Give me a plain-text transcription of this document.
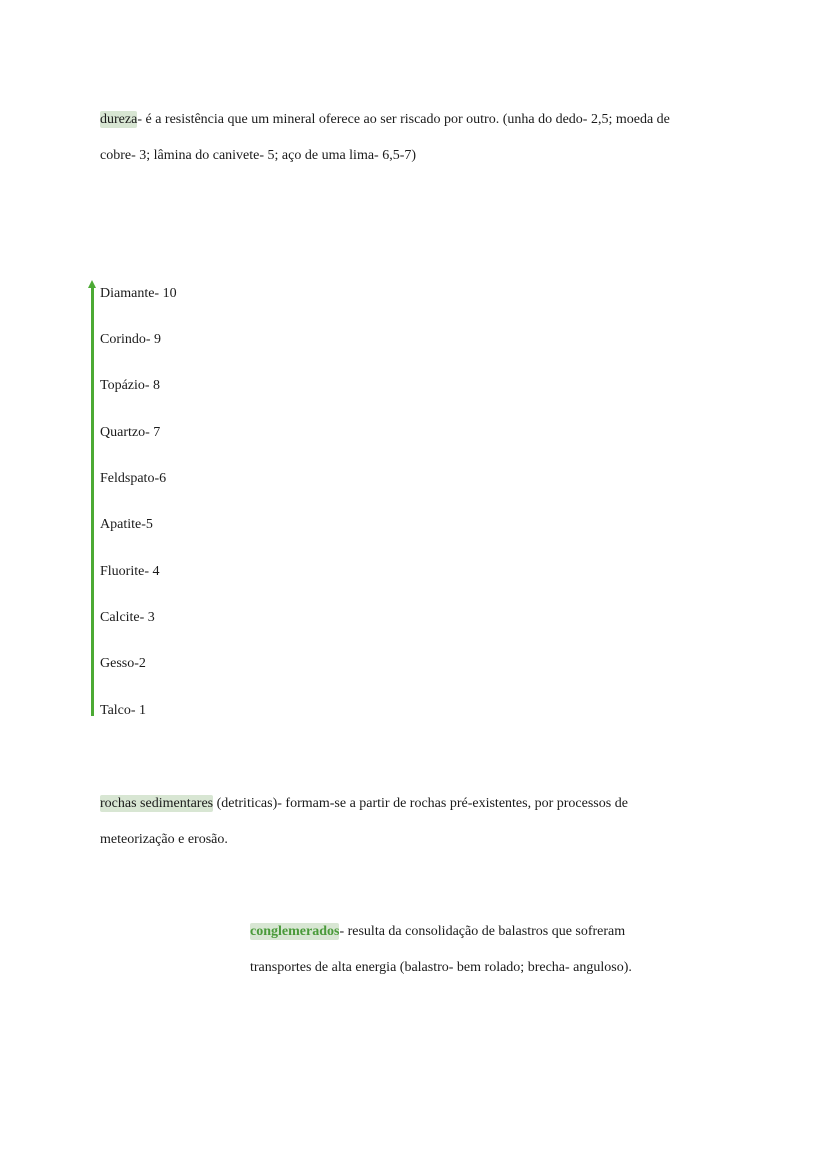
dureza- é a resistência que um mineral oferece ao ser riscado por outro. (unha do dedo- 2,5; moeda de
cobre- 3; lâmina do canivete- 5; aço de uma lima- 6,5-7)
Diamante- 10
Corindo- 9
Topázio- 8
Quartzo- 7
Feldspato-6
Apatite-5
Fluorite- 4
Calcite- 3
Gesso-2
Talco- 1
rochas sedimentares (detriticas)- formam-se a partir de rochas pré-existentes, por processos de
meteorização e erosão.
conglemerados- resulta da consolidação de balastros que sofreram
transportes de alta energia (balastro- bem rolado; brecha- anguloso).
